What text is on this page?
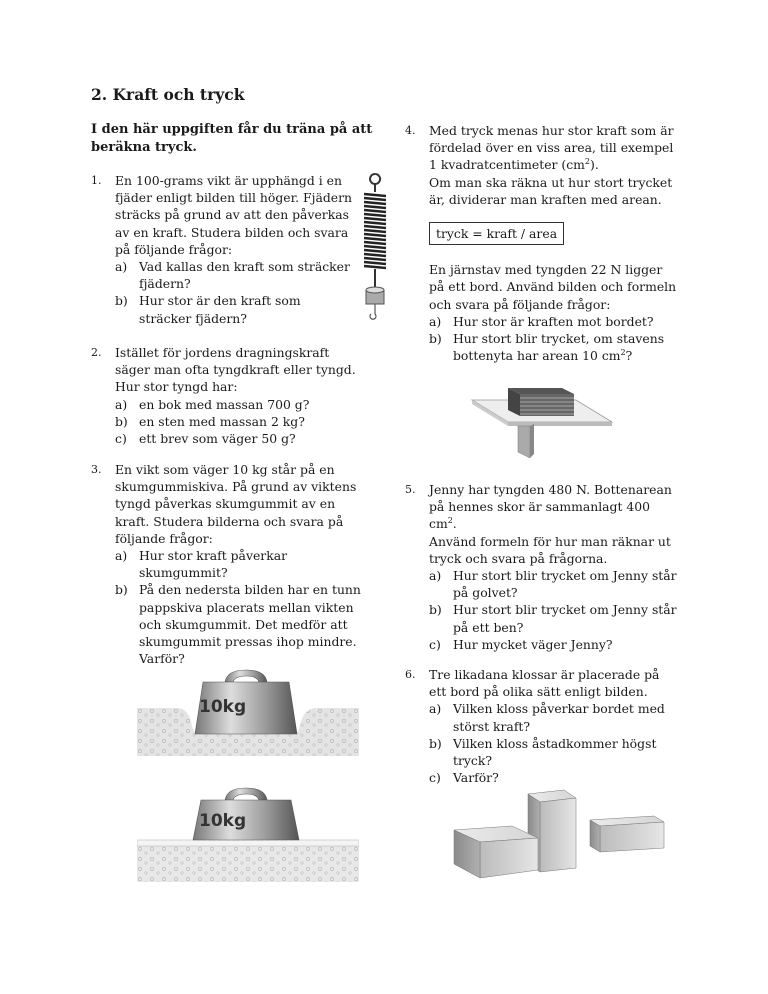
2. Kraft och tryck

I den här uppgiften får du träna på att beräkna tryck.

1. En 100-grams vikt är upphängd i en fjäder enligt bilden till höger. Fjädern sträcks på grund av att den påverkas av en kraft. Studera bilden och svara på följande frågor:

a) Vad kallas den kraft som sträcker fjädern?
b) Hur stor är den kraft som sträcker fjädern?
2. Istället för jordens dragningskraft säger man ofta tyngdkraft eller tyngd. Hur stor tyngd har:

a) en bok med massan 700 g?
b) en sten med massan 2 kg?
c) ett brev som väger 50 g?
3. En vikt som väger 10 kg står på en skumgummiskiva. På grund av viktens tyngd påverkas skumgummit av en kraft. Studera bilderna och svara på följande frågor:

a) Hur stor kraft påverkar skumgummit?
b) På den nedersta bilden har en tunn pappskiva placerats mellan vikten och skumgummit. Det medför att skumgummit pressas ihop mindre. Varför?
10kg
10kg
4. Med tryck menas hur stor kraft som är fördelad över en viss area, till exempel 1 kvadratcentimeter $(cm^2)$.

Om man ska räkna ut hur stort trycket är, dividerar man kraften med arean.

tryck = kraft / area

En järnstav med tyngden 22 N ligger på ett bord. Använd bilden och formeln och svara på följande frågor:

a) Hur stor är kraften mot bordet?
b) Hur stort blir trycket, om stavens bottenyta har arean 10 $cm^2$?
5. Jenny har tyngden 480 N. Bottenarean på hennes skor är sammanlagt 400 $cm^2$.

Använd formeln för hur man räknar ut tryck och svara på frågorna.

a) Hur stort blir trycket om Jenny står på golvet?
b) Hur stort blir trycket om Jenny står på ett ben?
c) Hur mycket väger Jenny?
6. Tre likadana klossar är placerade på ett bord på olika sätt enligt bilden.

a) Vilken kloss påverkar bordet med störst kraft?
b) Vilken kloss åstadkommer högst tryck?
c) Varför?
